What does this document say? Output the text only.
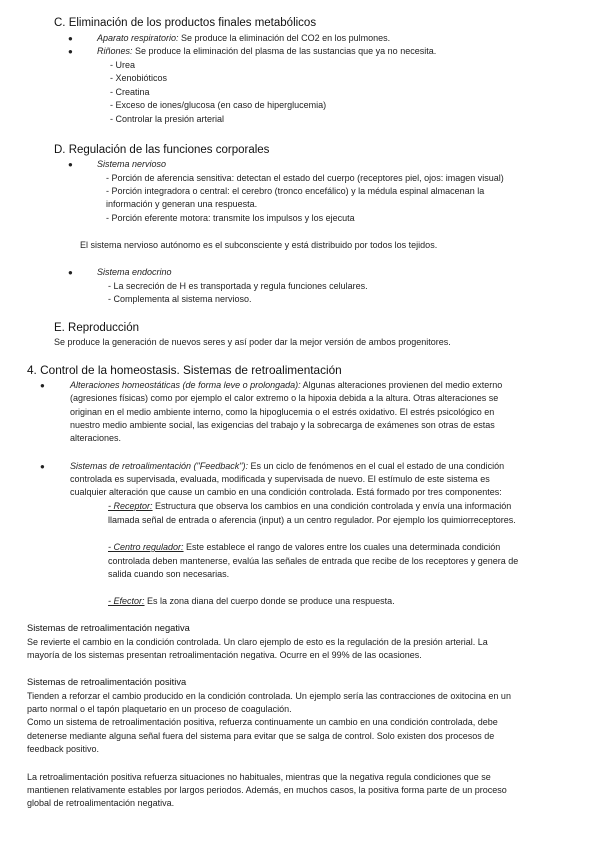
C. Eliminación de los productos finales metabólicos
●	Aparato respiratorio: Se produce la eliminación del CO2 en los pulmones.
●	Riñones: Se produce la eliminación del plasma de las sustancias que ya no necesita.
- Urea
- Xenobióticos
- Creatina
- Exceso de iones/glucosa (en caso de hiperglucemia)
- Controlar la presión arterial
D. Regulación de las funciones corporales
●	Sistema nervioso
- Porción de aferencia sensitiva: detectan el estado del cuerpo (receptores piel, ojos: imagen visual)
- Porción integradora o central: el cerebro (tronco encefálico) y la médula espinal almacenan la
información y generan una respuesta.
- Porción eferente motora: transmite los impulsos y los ejecuta
El sistema nervioso autónomo es el subconsciente y está distribuido por todos los tejidos.
●	Sistema endocrino
- La secreción de H es transportada y regula funciones celulares.
- Complementa al sistema nervioso.
E. Reproducción
Se produce la generación de nuevos seres y así poder dar la mejor versión de ambos progenitores.
4. Control de la homeostasis. Sistemas de retroalimentación
●	Alteraciones homeostáticas (de forma leve o prolongada): Algunas alteraciones provienen del medio externo
(agresiones físicas) como por ejemplo el calor extremo o la hipoxia debida a la altura. Otras alteraciones se
originan en el medio ambiente interno, como la hipoglucemia o el estrés oxidativo. El estrés psicológico en
nuestro medio ambiente social, las exigencias del trabajo y la sobrecarga de exámenes son otras de estas
alteraciones.
●	Sistemas de retroalimentación ("Feedback"): Es un ciclo de fenómenos en el cual el estado de una condición
controlada es supervisada, evaluada, modificada y supervisada de nuevo. El estímulo de este sistema es
cualquier alteración que cause un cambio en una condición controlada. Está formado por tres componentes:
- Receptor: Estructura que observa los cambios en una condición controlada y envía una información
llamada señal de entrada o aferencia (input) a un centro regulador. Por ejemplo los quimiorreceptores.
- Centro regulador: Este establece el rango de valores entre los cuales una determinada condición
controlada deben mantenerse, evalúa las señales de entrada que recibe de los receptores y genera de
salida cuando son necesarias.
- Efector: Es la zona diana del cuerpo donde se produce una respuesta.
Sistemas de retroalimentación negativa
Se revierte el cambio en la condición controlada. Un claro ejemplo de esto es la regulación de la presión arterial. La
mayoría de los sistemas presentan retroalimentación negativa. Ocurre en el 99% de las ocasiones.
Sistemas de retroalimentación positiva
Tienden a reforzar el cambio producido en la condición controlada. Un ejemplo sería las contracciones de oxitocina en un
parto normal o el tapón plaquetario en un proceso de coagulación.
Como un sistema de retroalimentación positiva, refuerza continuamente un cambio en una condición controlada, debe
detenerse mediante alguna señal fuera del sistema para evitar que se salga de control. Solo existen dos procesos de
feedback positivo.
La retroalimentación positiva refuerza situaciones no habituales, mientras que la negativa regula condiciones que se
mantienen relativamente estables por largos periodos. Además, en muchos casos, la positiva forma parte de un proceso
global de retroalimentación negativa.
